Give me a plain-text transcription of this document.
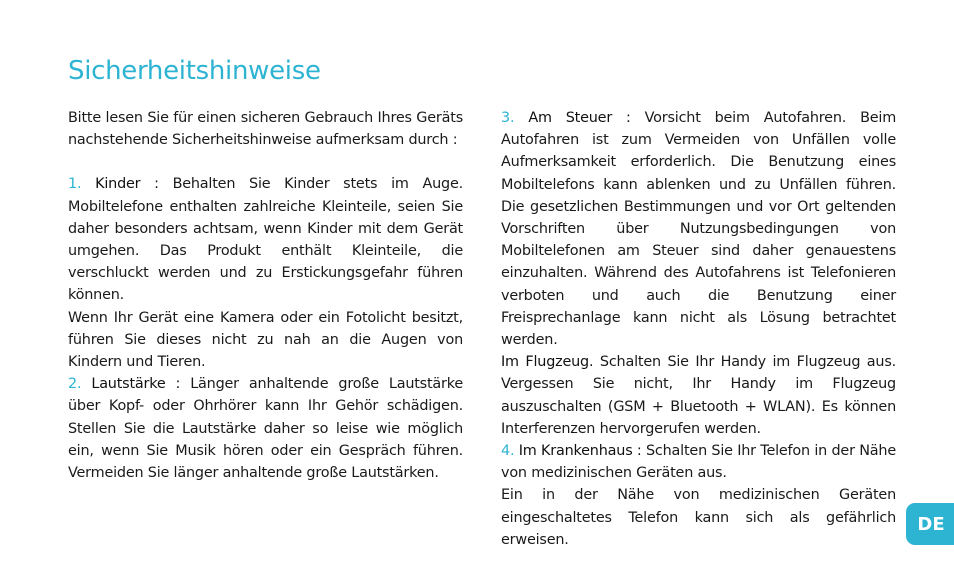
Sicherheitshinweise

Bitte lesen Sie für einen sicheren Gebrauch Ihres Geräts nachstehende Sicherheitshinweise aufmerksam durch :

1. Kinder : Behalten Sie Kinder stets im Auge. Mobiltelefone enthalten zahlreiche Kleinteile, seien Sie daher besonders achtsam, wenn Kinder mit dem Gerät umgehen. Das Produkt enthält Kleinteile, die verschluckt werden und zu Erstickungsgefahr führen können.

Wenn Ihr Gerät eine Kamera oder ein Fotolicht besitzt, führen Sie dieses nicht zu nah an die Augen von Kindern und Tieren.

2. Lautstärke : Länger anhaltende große Lautstärke über Kopf- oder Ohrhörer kann Ihr Gehör schädigen. Stellen Sie die Lautstärke daher so leise wie möglich ein, wenn Sie Musik hören oder ein Gespräch führen. Vermeiden Sie länger anhaltende große Lautstärken.

3. Am Steuer : Vorsicht beim Autofahren. Beim Autofahren ist zum Vermeiden von Unfällen volle Aufmerksamkeit erforderlich. Die Benutzung eines Mobiltelefons kann ablenken und zu Unfällen führen. Die gesetzlichen Bestimmungen und vor Ort geltenden Vorschriften über Nutzungsbedingungen von Mobiltelefonen am Steuer sind daher genauestens einzuhalten. Während des Autofahrens ist Telefonieren verboten und auch die Benutzung einer Freisprechanlage kann nicht als Lösung betrachtet werden.

Im Flugzeug. Schalten Sie Ihr Handy im Flugzeug aus. Vergessen Sie nicht, Ihr Handy im Flugzeug auszuschalten (GSM + Bluetooth + WLAN). Es können Interferenzen hervorgerufen werden.

4. Im Krankenhaus : Schalten Sie Ihr Telefon in der Nähe von medizinischen Geräten aus.

Ein in der Nähe von medizinischen Geräten eingeschaltetes Telefon kann sich als gefährlich erweisen.

DE
